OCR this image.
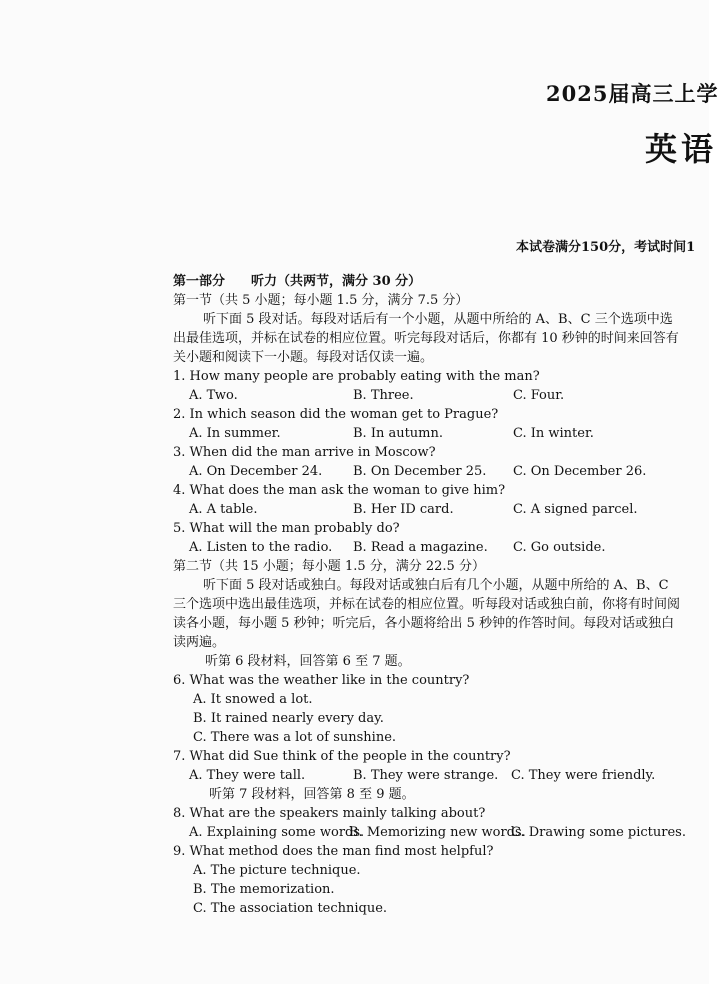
2025届高三上学
英语
本试卷满分150分，考试时间1
第一部分 听力（共两节，满分 30 分）
第一节（共 5 小题；每小题 1.5 分，满分 7.5 分）

听下面 5 段对话。每段对话后有一个小题，从题中所给的 A、B、C 三个选项中选出最佳选项，并标在试卷的相应位置。听完每段对话后，你都有 10 秒钟的时间来回答有关小题和阅读下一小题。每段对话仅读一遍。

1. How many people are probably eating with the man?
A. Two.	B. Three.	C. Four.
2. In which season did the woman get to Prague?
A. In summer.	B. In autumn.	C. In winter.
3. When did the man arrive in Moscow?
A. On December 24. B. On December 25. C. On December 26.
4. What does the man ask the woman to give him?
A. A table.	B. Her ID card.	C. A signed parcel.
5. What will the man probably do?
A. Listen to the radio. B. Read a magazine. C. Go outside.
第二节（共 15 小题；每小题 1.5 分，满分 22.5 分）

听下面 5 段对话或独白。每段对话或独白后有几个小题，从题中所给的 A、B、C 三个选项中选出最佳选项，并标在试卷的相应位置。听每段对话或独白前，你将有时间阅读各小题，每小题 5 秒钟；听完后，各小题将给出 5 秒钟的作答时间。每段对话或独白读两遍。

听第 6 段材料，回答第 6 至 7 题。
6. What was the weather like in the country?
A. It snowed a lot.
B. It rained nearly every day.
C. There was a lot of sunshine.
7. What did Sue think of the people in the country?
A. They were tall.	B. They were strange. C. They were friendly.
听第 7 段材料，回答第 8 至 9 题。
8. What are the speakers mainly talking about?
A. Explaining some words.
B. Memorizing new words.
C. Drawing some pictures.
9. What method does the man find most helpful?
A. The picture technique.
B. The memorization.
C. The association technique.
